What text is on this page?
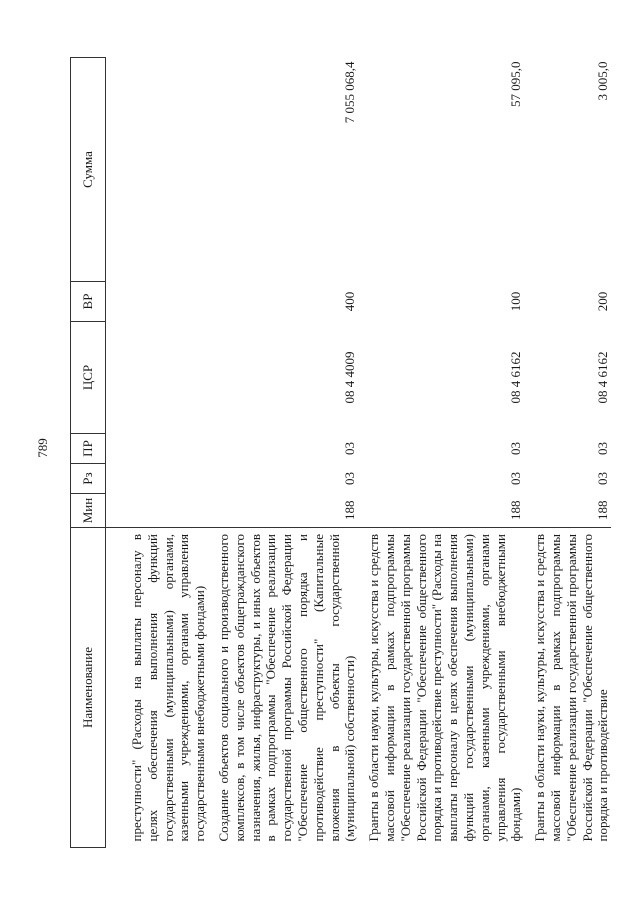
789
Наименование	Мин	Рз	ПР	ЦСР	ВР	Сумма
преступности" (Расходы на выплаты персоналу в целях обеспечения выполнения функций государственными (муниципальными) органами, казенными учреждениями, органами управления государственными внебюджетными фондами)						
Создание объектов социального и производственного комплексов, в том числе объектов общегражданского назначения, жилья, инфраструктуры, и иных объектов в рамках подпрограммы "Обеспечение реализации государственной программы Российской Федерации "Обеспечение общественного порядка и противодействие преступности" (Капитальные вложения в объекты государственной (муниципальной) собственности)	188	03	03	08 4 4009	400	7 055 068,4
Гранты в области науки, культуры, искусства и средств массовой информации в рамках подпрограммы "Обеспечение реализации государственной программы Российской Федерации "Обеспечение общественного порядка и противодействие преступности" (Расходы на выплаты персоналу в целях обеспечения выполнения функций государственными (муниципальными) органами, казенными учреждениями, органами управления государственными внебюджетными фондами)	188	03	03	08 4 6162	100	57 095,0
Гранты в области науки, культуры, искусства и средств массовой информации в рамках подпрограммы "Обеспечение реализации государственной программы Российской Федерации "Обеспечение общественного порядка и противодействие	188	03	03	08 4 6162	200	3 005,0
